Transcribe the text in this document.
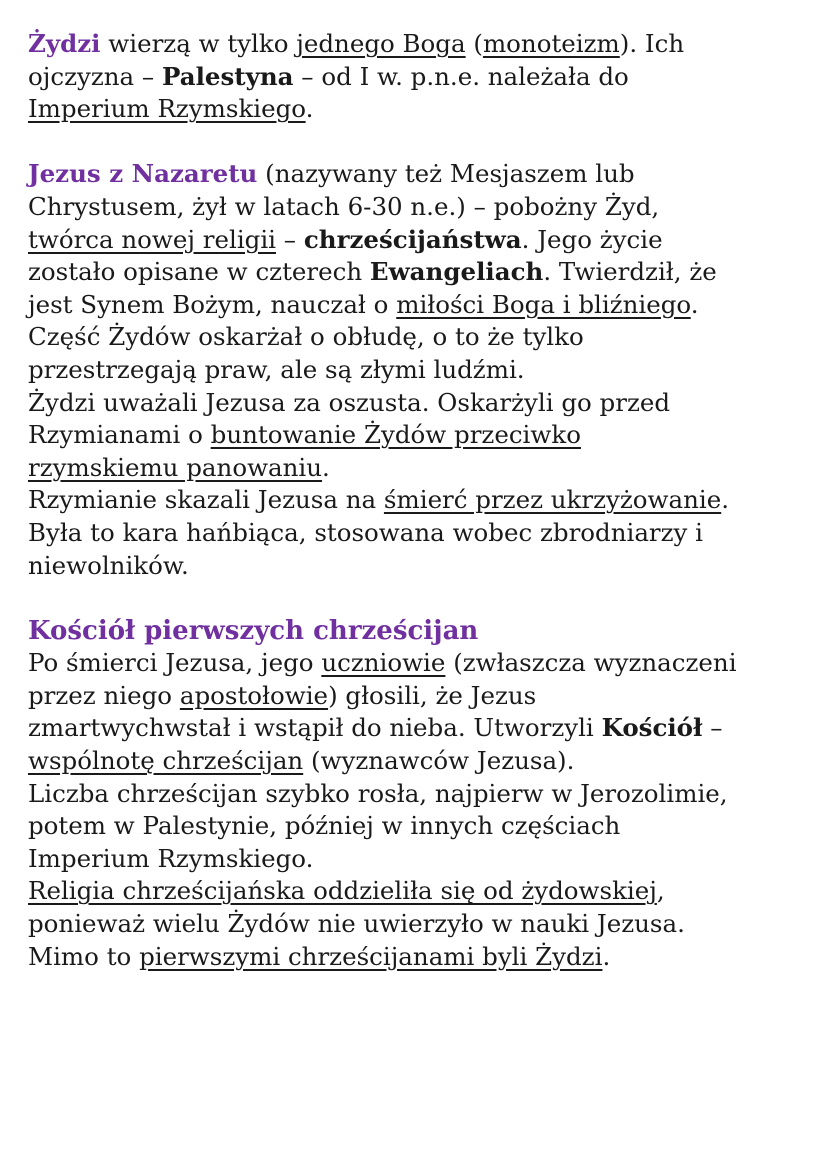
Żydzi wierzą w tylko jednego Boga (monoteizm). Ich
ojczyzna – Palestyna – od I w. p.n.e. należała do
Imperium Rzymskiego.
Jezus z Nazaretu (nazywany też Mesjaszem lub
Chrystusem, żył w latach 6-30 n.e.) – pobożny Żyd,
twórca nowej religii – chrześcijaństwa. Jego życie
zostało opisane w czterech Ewangeliach. Twierdził, że
jest Synem Bożym, nauczał o miłości Boga i bliźniego.
Część Żydów oskarżał o obłudę, o to że tylko
przestrzegają praw, ale są złymi ludźmi.
Żydzi uważali Jezusa za oszusta. Oskarżyli go przed
Rzymianami o buntowanie Żydów przeciwko
rzymskiemu panowaniu.
Rzymianie skazali Jezusa na śmierć przez ukrzyżowanie.
Była to kara hańbiąca, stosowana wobec zbrodniarzy i
niewolników.
Kościół pierwszych chrześcijan
Po śmierci Jezusa, jego uczniowie (zwłaszcza wyznaczeni
przez niego apostołowie) głosili, że Jezus
zmartwychwstał i wstąpił do nieba. Utworzyli Kościół –
wspólnotę chrześcijan (wyznawców Jezusa).
Liczba chrześcijan szybko rosła, najpierw w Jerozolimie,
potem w Palestynie, później w innych częściach
Imperium Rzymskiego.
Religia chrześcijańska oddzieliła się od żydowskiej,
ponieważ wielu Żydów nie uwierzyło w nauki Jezusa.
Mimo to pierwszymi chrześcijanami byli Żydzi.
